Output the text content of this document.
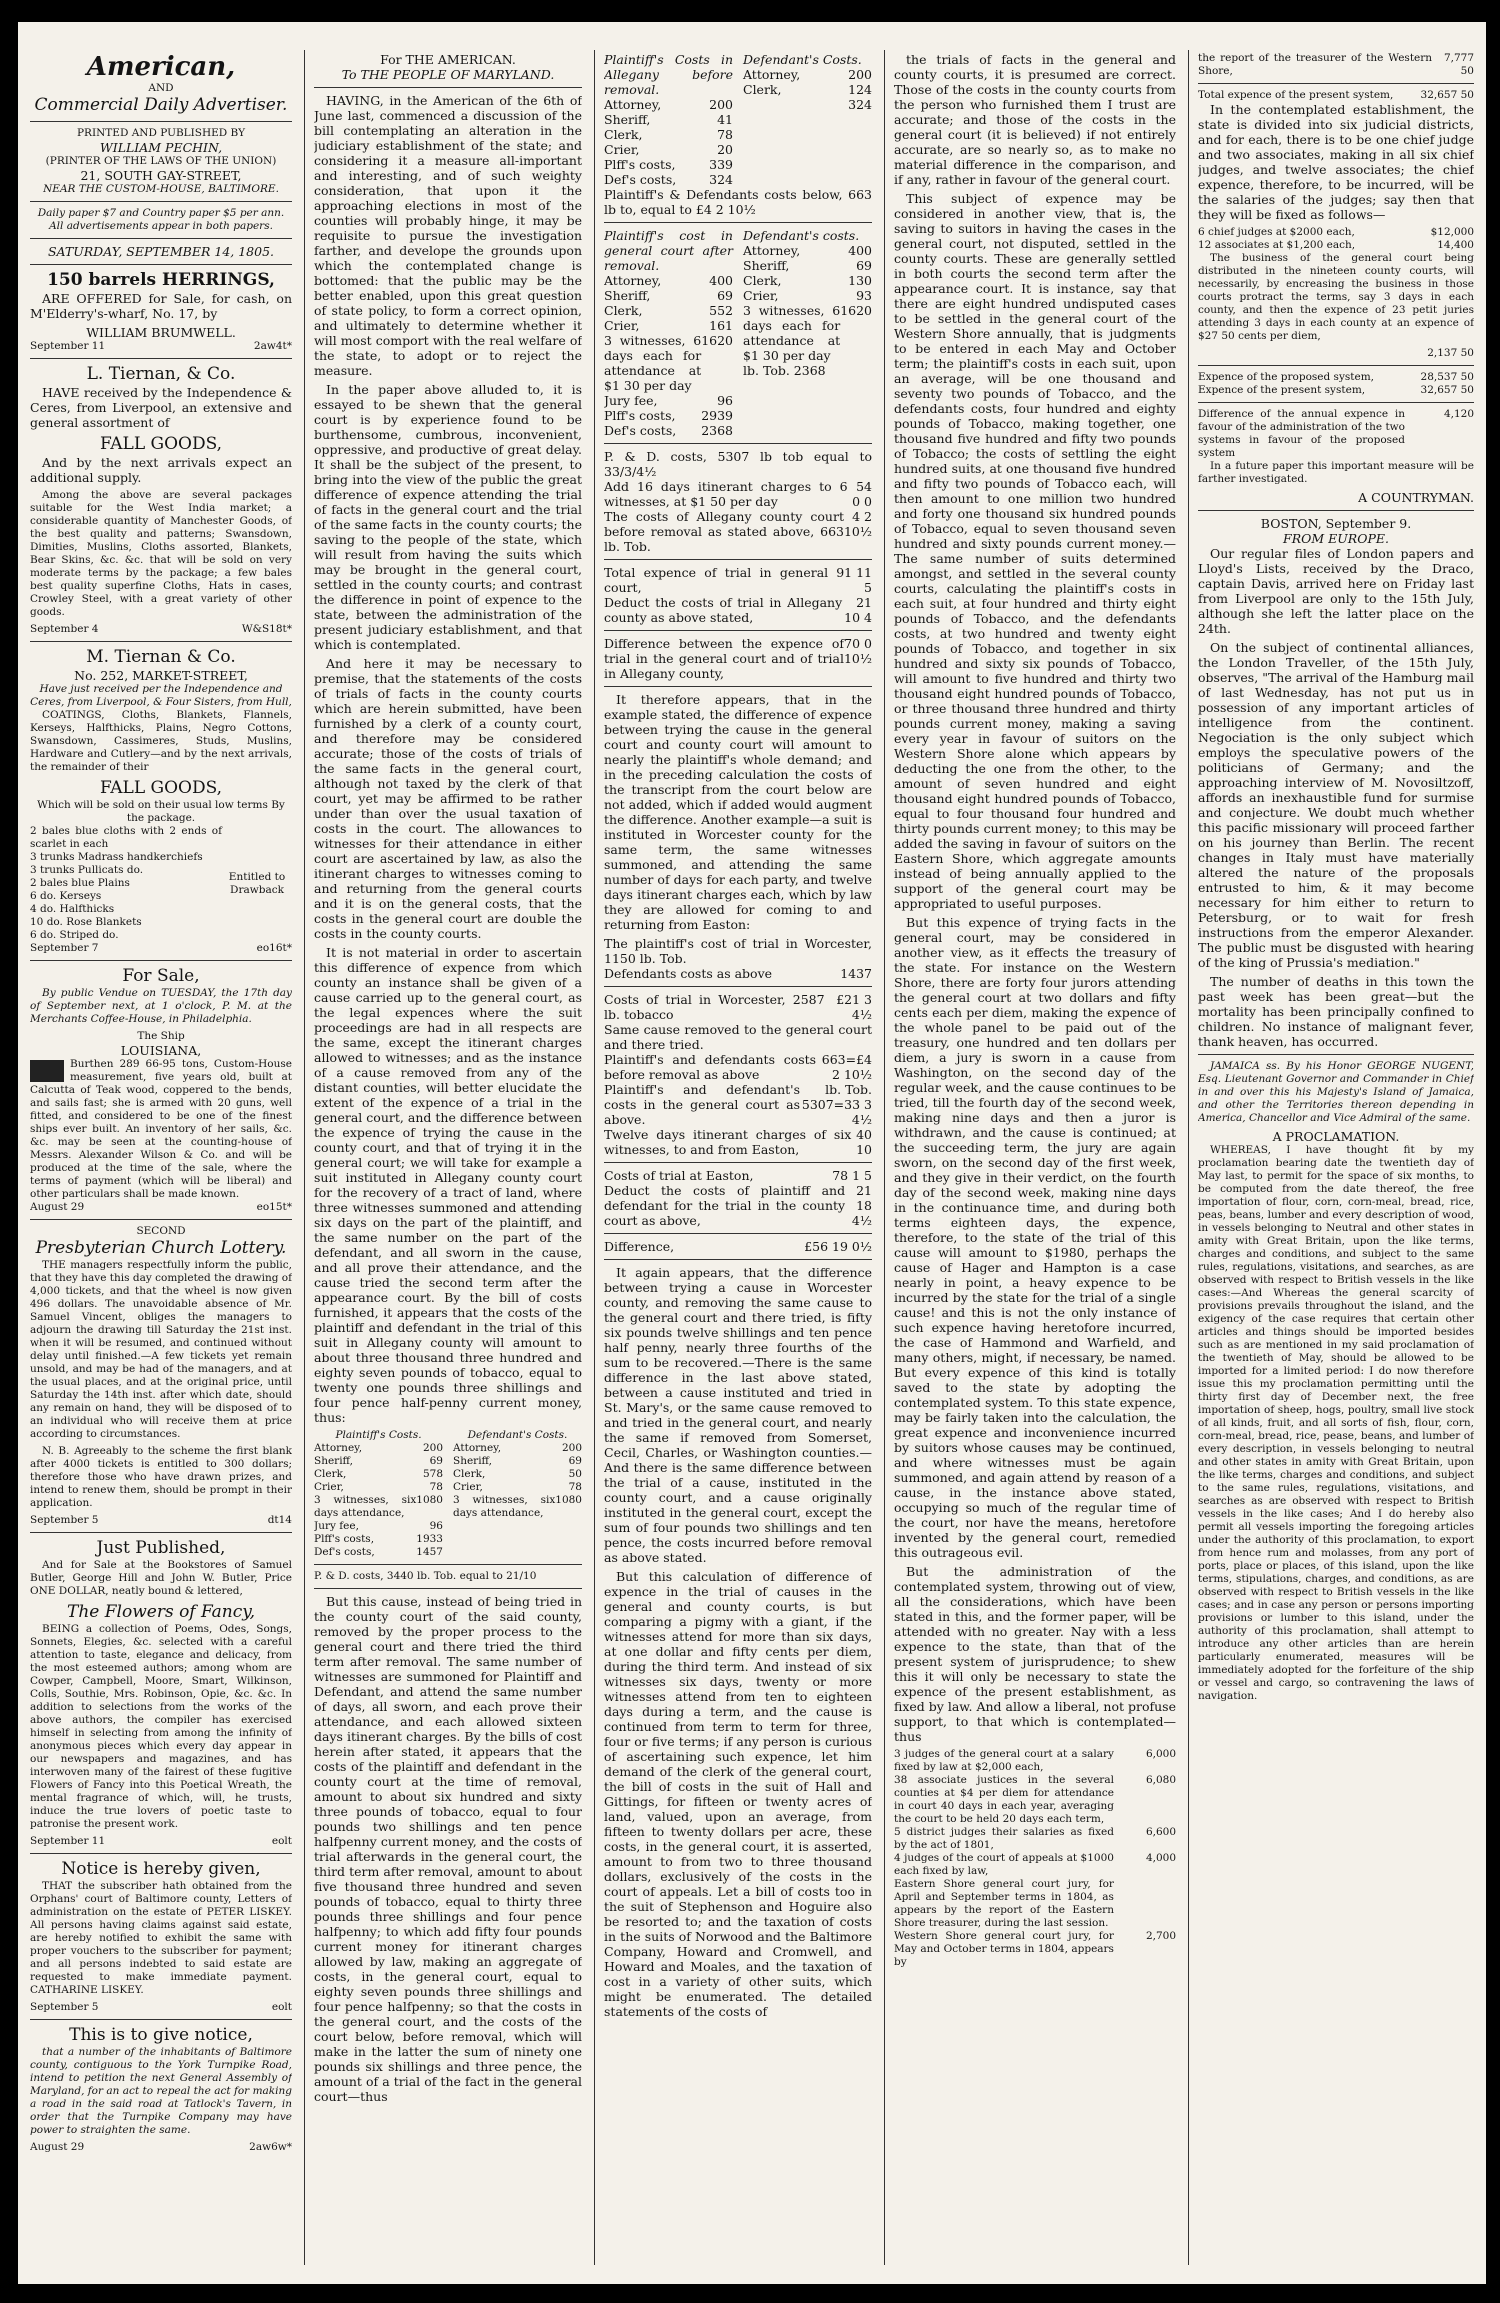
American,
AND
Commercial Daily Advertiser.
PRINTED AND PUBLISHED BY
WILLIAM PECHIN,
(PRINTER OF THE LAWS OF THE UNION)
21, SOUTH GAY-STREET,
NEAR THE CUSTOM-HOUSE, BALTIMORE.
Daily paper $7 and Country paper $5 per ann. All advertisements appear in both papers.
SATURDAY, SEPTEMBER 14, 1805.
150 barrels HERRINGS,

ARE OFFERED for Sale, for cash, on M'Elderry's-wharf, No. 17, by

WILLIAM BRUMWELL.
September 11	2aw4t*
L. Tiernan, & Co.

HAVE received by the Independence & Ceres, from Liverpool, an extensive and general assortment of

FALL GOODS,

And by the next arrivals expect an additional supply.

Among the above are several packages suitable for the West India market; a considerable quantity of Manchester Goods, of the best quality and patterns; Swansdown, Dimities, Muslins, Cloths assorted, Blankets, Bear Skins, &c. &c. that will be sold on very moderate terms by the package; a few bales best quality superfine Cloths, Hats in cases, Crowley Steel, with a great variety of other goods.

September 4	W&S18t*
M. Tiernan & Co.
No. 252, MARKET-STREET,
Have just received per the Independence and Ceres, from Liverpool, & Four Sisters, from Hull,

COATINGS, Cloths, Blankets, Flannels, Kerseys, Halfthicks, Plains, Negro Cottons, Swansdown, Cassimeres, Studs, Muslins, Hardware and Cutlery—and by the next arrivals, the remainder of their

FALL GOODS,
Which will be sold on their usual low terms By the package.
2 bales blue cloths with 2 ends of scarlet in each
3 trunks Madrass handkerchiefs
3 trunks Pullicats do.
2 bales blue Plains
6 do. Kerseys
4 do. Halfthicks
10 do. Rose Blankets
6 do. Striped do.
Entitled to Drawback
September 7	eo16t*
For Sale,

By public Vendue on TUESDAY, the 17th day of September next, at 1 o'clock, P. M. at the Merchants Coffee-House, in Philadelphia.

The Ship
LOUISIANA,
Burthen 289 66-95 tons, Custom-House measurement, five years old, built at Calcutta of Teak wood, coppered to the bends, and sails fast; she is armed with 20 guns, well fitted, and considered to be one of the finest ships ever built. An inventory of her sails, &c. &c. may be seen at the counting-house of Messrs. Alexander Wilson & Co. and will be produced at the time of the sale, where the terms of payment (which will be liberal) and other particulars shall be made known.
August 29	eo15t*
SECOND
Presbyterian Church Lottery.

THE managers respectfully inform the public, that they have this day completed the drawing of 4,000 tickets, and that the wheel is now given 496 dollars. The unavoidable absence of Mr. Samuel Vincent, obliges the managers to adjourn the drawing till Saturday the 21st inst. when it will be resumed, and continued without delay until finished.—A few tickets yet remain unsold, and may be had of the managers, and at the usual places, and at the original price, until Saturday the 14th inst. after which date, should any remain on hand, they will be disposed of to an individual who will receive them at price according to circumstances.

N. B. Agreeably to the scheme the first blank after 4000 tickets is entitled to 300 dollars; therefore those who have drawn prizes, and intend to renew them, should be prompt in their application.

September 5	dt14
Just Published,

And for Sale at the Bookstores of Samuel Butler, George Hill and John W. Butler, Price ONE DOLLAR, neatly bound & lettered,

The Flowers of Fancy,

BEING a collection of Poems, Odes, Songs, Sonnets, Elegies, &c. selected with a careful attention to taste, elegance and delicacy, from the most esteemed authors; among whom are Cowper, Campbell, Moore, Smart, Wilkinson, Colls, Southie, Mrs. Robinson, Opie, &c. &c. In addition to selections from the works of the above authors, the compiler has exercised himself in selecting from among the infinity of anonymous pieces which every day appear in our newspapers and magazines, and has interwoven many of the fairest of these fugitive Flowers of Fancy into this Poetical Wreath, the mental fragrance of which, will, he trusts, induce the true lovers of poetic taste to patronise the present work.

September 11	eolt
Notice is hereby given,

THAT the subscriber hath obtained from the Orphans' court of Baltimore county, Letters of administration on the estate of PETER LISKEY. All persons having claims against said estate, are hereby notified to exhibit the same with proper vouchers to the subscriber for payment; and all persons indebted to said estate are requested to make immediate payment. CATHARINE LISKEY.

September 5	eolt
This is to give notice,

that a number of the inhabitants of Baltimore county, contiguous to the York Turnpike Road, intend to petition the next General Assembly of Maryland, for an act to repeal the act for making a road in the said road at Tatlock's Tavern, in order that the Turnpike Company may have power to straighten the same.

August 29	2aw6w*
For THE AMERICAN.
To THE PEOPLE OF MARYLAND.

HAVING, in the American of the 6th of June last, commenced a discussion of the bill contemplating an alteration in the judiciary establishment of the state; and considering it a measure all-important and interesting, and of such weighty consideration, that upon it the approaching elections in most of the counties will probably hinge, it may be requisite to pursue the investigation farther, and develope the grounds upon which the contemplated change is bottomed: that the public may be the better enabled, upon this great question of state policy, to form a correct opinion, and ultimately to determine whether it will most comport with the real welfare of the state, to adopt or to reject the measure.

In the paper above alluded to, it is essayed to be shewn that the general court is by experience found to be burthensome, cumbrous, inconvenient, oppressive, and productive of great delay. It shall be the subject of the present, to bring into the view of the public the great difference of expence attending the trial of facts in the general court and the trial of the same facts in the county courts; the saving to the people of the state, which will result from having the suits which may be brought in the general court, settled in the county courts; and contrast the difference in point of expence to the state, between the administration of the present judiciary establishment, and that which is contemplated.

And here it may be necessary to premise, that the statements of the costs of trials of facts in the county courts which are herein submitted, have been furnished by a clerk of a county court, and therefore may be considered accurate; those of the costs of trials of the same facts in the general court, although not taxed by the clerk of that court, yet may be affirmed to be rather under than over the usual taxation of costs in the court. The allowances to witnesses for their attendance in either court are ascertained by law, as also the itinerant charges to witnesses coming to and returning from the general courts and it is on the general costs, that the costs in the general court are double the costs in the county courts.

It is not material in order to ascertain this difference of expence from which county an instance shall be given of a cause carried up to the general court, as the legal expences where the suit proceedings are had in all respects are the same, except the itinerant charges allowed to witnesses; and as the instance of a cause removed from any of the distant counties, will better elucidate the extent of the expence of a trial in the general court, and the difference between the expence of trying the cause in the county court, and that of trying it in the general court; we will take for example a suit instituted in Allegany county court for the recovery of a tract of land, where three witnesses summoned and attending six days on the part of the plaintiff, and the same number on the part of the defendant, and all sworn in the cause, and all prove their attendance, and the cause tried the second term after the appearance court. By the bill of costs furnished, it appears that the costs of the plaintiff and defendant in the trial of this suit in Allegany county will amount to about three thousand three hundred and eighty seven pounds of tobacco, equal to twenty one pounds three shillings and four pence half-penny current money, thus:

Plaintiff's Costs.
Attorney,	200
Sheriff,	69
Clerk,	578
Crier,	78
3 witnesses, six days attendance,
1080
Jury fee,	96
Plff's costs,	1933
Def's costs,	1457
Defendant's Costs.
Attorney,	200
Sheriff,	69
Clerk,	50
Crier,	78
3 witnesses, six days attendance,
1080
P. & D. costs, 3440 lb. Tob. equal to 21/10

But this cause, instead of being tried in the county court of the said county, removed by the proper process to the general court and there tried the third term after removal. The same number of witnesses are summoned for Plaintiff and Defendant, and attend the same number of days, all sworn, and each prove their attendance, and each allowed sixteen days itinerant charges. By the bills of cost herein after stated, it appears that the costs of the plaintiff and defendant in the county court at the time of removal, amount to about six hundred and sixty three pounds of tobacco, equal to four pounds two shillings and ten pence halfpenny current money, and the costs of trial afterwards in the general court, the third term after removal, amount to about five thousand three hundred and seven pounds of tobacco, equal to thirty three pounds three shillings and four pence halfpenny; to which add fifty four pounds current money for itinerant charges allowed by law, making an aggregate of costs, in the general court, equal to eighty seven pounds three shillings and four pence halfpenny; so that the costs in the general court, and the costs of the court below, before removal, which will make in the latter the sum of ninety one pounds six shillings and three pence, the amount of a trial of the fact in the general court—thus

Plaintiff's Costs in Allegany before removal.
Attorney,	200
Sheriff,	41
Clerk,	78
Crier,	20
Plff's costs,	339
Def's costs,	324
Defendant's Costs.
Attorney,	200
Clerk,	124
324
Plaintiff's & Defendants costs below, 663 lb to, equal to £4 2 10½
Plaintiff's cost in general court after removal.
Attorney,	400
Sheriff,	69
Clerk,	552
Crier,	161
3 witnesses, 6 days each for attendance at $1 30 per day
1620
Jury fee,	96
Plff's costs, 2939
Def's costs, 2368
Defendant's costs.
Attorney,	400
Sheriff,	69
Clerk,	130
Crier,	93
3 witnesses, 6 days each for attendance at $1 30 per day
1620
lb. Tob. 2368
P. & D. costs, 5307 lb tob equal to 33/3/4½
Add 16 days itinerant charges to 6 witnesses, at $1 50 per day
54 0 0
The costs of Allegany county court before removal as stated above, 663 lb. Tob.
4 2 10½
Total expence of trial in general court,
91 11 5
Deduct the costs of trial in Allegany county as above stated,
21 10 4
Difference between the expence of trial in the general court and of trial in Allegany county,
70 0 10½

It therefore appears, that in the example stated, the difference of expence between trying the cause in the general court and county court will amount to nearly the plaintiff's whole demand; and in the preceding calculation the costs of the transcript from the court below are not added, which if added would augment the difference. Another example—a suit is instituted in Worcester county for the same term, the same witnesses summoned, and attending the same number of days for each party, and twelve days itinerant charges each, which by law they are allowed for coming to and returning from Easton:

The plaintiff's cost of trial in Worcester, 1150 lb. Tob.
Defendants costs as above	1437
Costs of trial in Worcester, 2587 lb. tobacco
£21 3 4½
Same cause removed to the general court and there tried.
Plaintiff's and defendants costs before removal as above
663=£4 2 10½
Plaintiff's and defendant's costs in the general court as above.
lb. Tob. 5307=33 3 4½
Twelve days itinerant charges of six witnesses, to and from Easton,
40 10
Costs of trial at Easton,	78 1 5
Deduct the costs of plaintiff and defendant for the trial in the county court as above,
21 18 4½
Difference,	£56 19 0½

It again appears, that the difference between trying a cause in Worcester county, and removing the same cause to the general court and there tried, is fifty six pounds twelve shillings and ten pence half penny, nearly three fourths of the sum to be recovered.—There is the same difference in the last above stated, between a cause instituted and tried in St. Mary's, or the same cause removed to and tried in the general court, and nearly the same if removed from Somerset, Cecil, Charles, or Washington counties.—And there is the same difference between the trial of a cause, instituted in the county court, and a cause originally instituted in the general court, except the sum of four pounds two shillings and ten pence, the costs incurred before removal as above stated.

But this calculation of difference of expence in the trial of causes in the general and county courts, is but comparing a pigmy with a giant, if the witnesses attend for more than six days, at one dollar and fifty cents per diem, during the third term. And instead of six witnesses six days, twenty or more witnesses attend from ten to eighteen days during a term, and the cause is continued from term to term for three, four or five terms; if any person is curious of ascertaining such expence, let him demand of the clerk of the general court, the bill of costs in the suit of Hall and Gittings, for fifteen or twenty acres of land, valued, upon an average, from fifteen to twenty dollars per acre, these costs, in the general court, it is asserted, amount to from two to three thousand dollars, exclusively of the costs in the court of appeals. Let a bill of costs too in the suit of Stephenson and Hoguire also be resorted to; and the taxation of costs in the suits of Norwood and the Baltimore Company, Howard and Cromwell, and Howard and Moales, and the taxation of cost in a variety of other suits, which might be enumerated. The detailed statements of the costs of

the trials of facts in the general and county courts, it is presumed are correct. Those of the costs in the county courts from the person who furnished them I trust are accurate; and those of the costs in the general court (it is believed) if not entirely accurate, are so nearly so, as to make no material difference in the comparison, and if any, rather in favour of the general court.

This subject of expence may be considered in another view, that is, the saving to suitors in having the cases in the general court, not disputed, settled in the county courts. These are generally settled in both courts the second term after the appearance court. It is instance, say that there are eight hundred undisputed cases to be settled in the general court of the Western Shore annually, that is judgments to be entered in each May and October term; the plaintiff's costs in each suit, upon an average, will be one thousand and seventy two pounds of Tobacco, and the defendants costs, four hundred and eighty pounds of Tobacco, making together, one thousand five hundred and fifty two pounds of Tobacco; the costs of settling the eight hundred suits, at one thousand five hundred and fifty two pounds of Tobacco each, will then amount to one million two hundred and forty one thousand six hundred pounds of Tobacco, equal to seven thousand seven hundred and sixty pounds current money.—The same number of suits determined amongst, and settled in the several county courts, calculating the plaintiff's costs in each suit, at four hundred and thirty eight pounds of Tobacco, and the defendants costs, at two hundred and twenty eight pounds of Tobacco, and together in six hundred and sixty six pounds of Tobacco, will amount to five hundred and thirty two thousand eight hundred pounds of Tobacco, or three thousand three hundred and thirty pounds current money, making a saving every year in favour of suitors on the Western Shore alone which appears by deducting the one from the other, to the amount of seven hundred and eight thousand eight hundred pounds of Tobacco, equal to four thousand four hundred and thirty pounds current money; to this may be added the saving in favour of suitors on the Eastern Shore, which aggregate amounts instead of being annually applied to the support of the general court may be appropriated to useful purposes.

But this expence of trying facts in the general court, may be considered in another view, as it effects the treasury of the state. For instance on the Western Shore, there are forty four jurors attending the general court at two dollars and fifty cents each per diem, making the expence of the whole panel to be paid out of the treasury, one hundred and ten dollars per diem, a jury is sworn in a cause from Washington, on the second day of the regular week, and the cause continues to be tried, till the fourth day of the second week, making nine days and then a juror is withdrawn, and the cause is continued; at the succeeding term, the jury are again sworn, on the second day of the first week, and they give in their verdict, on the fourth day of the second week, making nine days in the continuance time, and during both terms eighteen days, the expence, therefore, to the state of the trial of this cause will amount to $1980, perhaps the cause of Hager and Hampton is a case nearly in point, a heavy expence to be incurred by the state for the trial of a single cause! and this is not the only instance of such expence having heretofore incurred, the case of Hammond and Warfield, and many others, might, if necessary, be named. But every expence of this kind is totally saved to the state by adopting the contemplated system. To this state expence, may be fairly taken into the calculation, the great expence and inconvenience incurred by suitors whose causes may be continued, and where witnesses must be again summoned, and again attend by reason of a cause, in the instance above stated, occupying so much of the regular time of the court, nor have the means, heretofore invented by the general court, remedied this outrageous evil.

But the administration of the contemplated system, throwing out of view, all the considerations, which have been stated in this, and the former paper, will be attended with no greater. Nay with a less expence to the state, than that of the present system of jurisprudence; to shew this it will only be necessary to state the expence of the present establishment, as fixed by law. And allow a liberal, not profuse support, to that which is contemplated—thus

3 judges of the general court at a salary fixed by law at $2,000 each,
6,000
38 associate justices in the several counties at $4 per diem for attendance in court 40 days in each year, averaging the court to be held 20 days each term,
6,080
5 district judges their salaries as fixed by the act of 1801,
6,600
4 judges of the court of appeals at $1000 each fixed by law,
4,000
Eastern Shore general court jury, for April and September terms in 1804, as appears by the report of the Eastern Shore treasurer, during the last session.
Western Shore general court jury, for May and October terms in 1804, appears by
2,700
the report of the treasurer of the Western Shore,
7,777 50
Total expence of the present system,	32,657 50

In the contemplated establishment, the state is divided into six judicial districts, and for each, there is to be one chief judge and two associates, making in all six chief judges, and twelve associates; the chief expence, therefore, to be incurred, will be the salaries of the judges; say then that they will be fixed as follows—

6 chief judges at $2000 each,	$12,000
12 associates at $1,200 each,	14,400

The business of the general court being distributed in the nineteen county courts, will necessarily, by encreasing the business in those courts protract the terms, say 3 days in each county, and then the expence of 23 petit juries attending 3 days in each county at an expence of $27 50 cents per diem,

2,137 50
Expence of the proposed system,	28,537 50
Expence of the present system,	32,657 50
Difference of the annual expence in favour of the administration of the two systems in favour of the proposed system
4,120

In a future paper this important measure will be farther investigated.

A COUNTRYMAN.
BOSTON, September 9.
FROM EUROPE.

Our regular files of London papers and Lloyd's Lists, received by the Draco, captain Davis, arrived here on Friday last from Liverpool are only to the 15th July, although she left the latter place on the 24th.

On the subject of continental alliances, the London Traveller, of the 15th July, observes, "The arrival of the Hamburg mail of last Wednesday, has not put us in possession of any important articles of intelligence from the continent. Negociation is the only subject which employs the speculative powers of the politicians of Germany; and the approaching interview of M. Novosiltzoff, affords an inexhaustible fund for surmise and conjecture. We doubt much whether this pacific missionary will proceed farther on his journey than Berlin. The recent changes in Italy must have materially altered the nature of the proposals entrusted to him, & it may become necessary for him either to return to Petersburg, or to wait for fresh instructions from the emperor Alexander. The public must be disgusted with hearing of the king of Prussia's mediation."

The number of deaths in this town the past week has been great—but the mortality has been principally confined to children. No instance of malignant fever, thank heaven, has occurred.

JAMAICA ss. By his Honor GEORGE NUGENT, Esq. Lieutenant Governor and Commander in Chief in and over this his Majesty's Island of Jamaica, and other the Territories thereon depending in America, Chancellor and Vice Admiral of the same.

A PROCLAMATION.

WHEREAS, I have thought fit by my proclamation bearing date the twentieth day of May last, to permit for the space of six months, to be computed from the date thereof, the free importation of flour, corn, corn-meal, bread, rice, peas, beans, lumber and every description of wood, in vessels belonging to Neutral and other states in amity with Great Britain, upon the like terms, charges and conditions, and subject to the same rules, regulations, visitations, and searches, as are observed with respect to British vessels in the like cases:—And Whereas the general scarcity of provisions prevails throughout the island, and the exigency of the case requires that certain other articles and things should be imported besides such as are mentioned in my said proclamation of the twentieth of May, should be allowed to be imported for a limited period: I do now therefore issue this my proclamation permitting until the thirty first day of December next, the free importation of sheep, hogs, poultry, small live stock of all kinds, fruit, and all sorts of fish, flour, corn, corn-meal, bread, rice, pease, beans, and lumber of every description, in vessels belonging to neutral and other states in amity with Great Britain, upon the like terms, charges and conditions, and subject to the same rules, regulations, visitations, and searches as are observed with respect to British vessels in the like cases; And I do hereby also permit all vessels importing the foregoing articles under the authority of this proclamation, to export from hence rum and molasses, from any port of ports, place or places, of this island, upon the like terms, stipulations, charges, and conditions, as are observed with respect to British vessels in the like cases; and in case any person or persons importing provisions or lumber to this island, under the authority of this proclamation, shall attempt to introduce any other articles than are herein particularly enumerated, measures will be immediately adopted for the forfeiture of the ship or vessel and cargo, so contravening the laws of navigation.
